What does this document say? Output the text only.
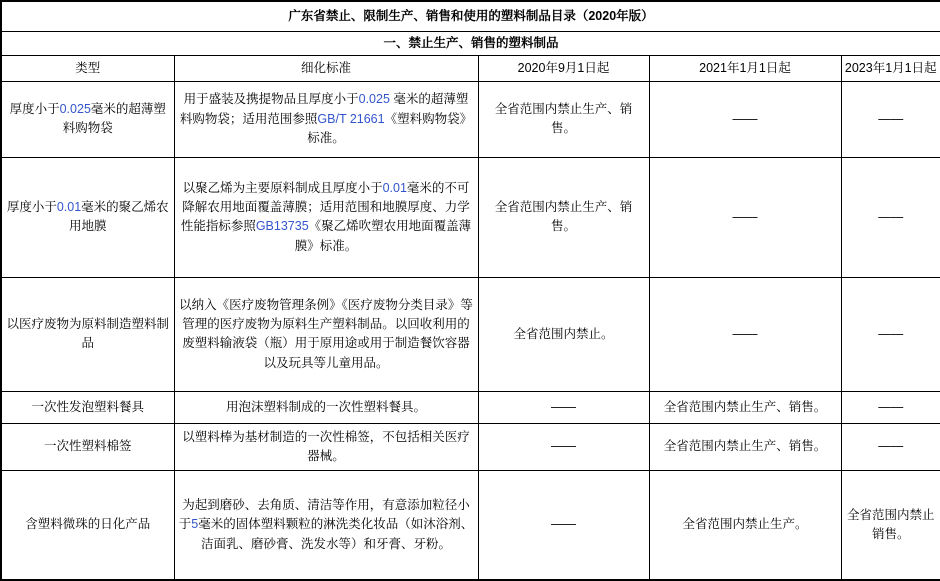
广东省禁止、限制生产、销售和使用的塑料制品目录（2020年版）				
一、禁止生产、销售的塑料制品				
类型	细化标准	2020年9月1日起	2021年1月1日起	2023年1月1日起
厚度小于0.025毫米的超薄塑料购物袋	用于盛装及携提物品且厚度小于0.025 毫米的超薄塑料购物袋；适用范围参照GB/T 21661《塑料购物袋》标准。	全省范围内禁止生产、销售。	——	——
厚度小于0.01毫米的聚乙烯农用地膜	以聚乙烯为主要原料制成且厚度小于0.01毫米的不可降解农用地面覆盖薄膜；适用范围和地膜厚度、力学性能指标参照GB13735《聚乙烯吹塑农用地面覆盖薄膜》标准。	全省范围内禁止生产、销售。	——	——
以医疗废物为原料制造塑料制品	以纳入《医疗废物管理条例》《医疗废物分类目录》等管理的医疗废物为原料生产塑料制品。以回收利用的废塑料输液袋（瓶）用于原用途或用于制造餐饮容器以及玩具等儿童用品。	全省范围内禁止。	——	——
一次性发泡塑料餐具	用泡沫塑料制成的一次性塑料餐具。	——	全省范围内禁止生产、销售。	——
一次性塑料棉签	以塑料棒为基材制造的一次性棉签，不包括相关医疗器械。	——	全省范围内禁止生产、销售。	——
含塑料微珠的日化产品	为起到磨砂、去角质、清洁等作用，有意添加粒径小于5毫米的固体塑料颗粒的淋洗类化妆品（如沐浴剂、洁面乳、磨砂膏、洗发水等）和牙膏、牙粉。	——	全省范围内禁止生产。	全省范围内禁止销售。
